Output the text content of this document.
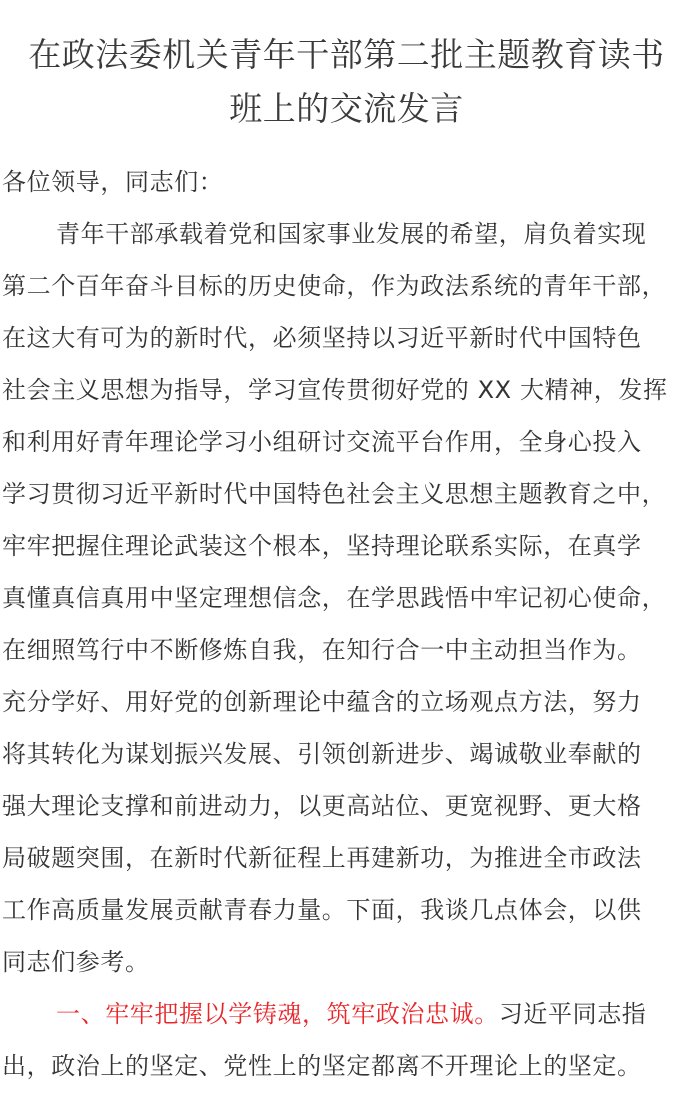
在政法委机关青年干部第二批主题教育读书
班上的交流发言
各位领导，同志们：
青年干部承载着党和国家事业发展的希望，肩负着实现
第二个百年奋斗目标的历史使命，作为政法系统的青年干部，
在这大有可为的新时代，必须坚持以习近平新时代中国特色
社会主义思想为指导，学习宣传贯彻好党的 XX 大精神，发挥
和利用好青年理论学习小组研讨交流平台作用，全身心投入
学习贯彻习近平新时代中国特色社会主义思想主题教育之中，
牢牢把握住理论武装这个根本，坚持理论联系实际，在真学
真懂真信真用中坚定理想信念，在学思践悟中牢记初心使命，
在细照笃行中不断修炼自我，在知行合一中主动担当作为。
充分学好、用好党的创新理论中蕴含的立场观点方法，努力
将其转化为谋划振兴发展、引领创新进步、竭诚敬业奉献的
强大理论支撑和前进动力，以更高站位、更宽视野、更大格
局破题突围，在新时代新征程上再建新功，为推进全市政法
工作高质量发展贡献青春力量。下面，我谈几点体会，以供
同志们参考。
一、牢牢把握以学铸魂，筑牢政治忠诚。习近平同志指
出，政治上的坚定、党性上的坚定都离不开理论上的坚定。
